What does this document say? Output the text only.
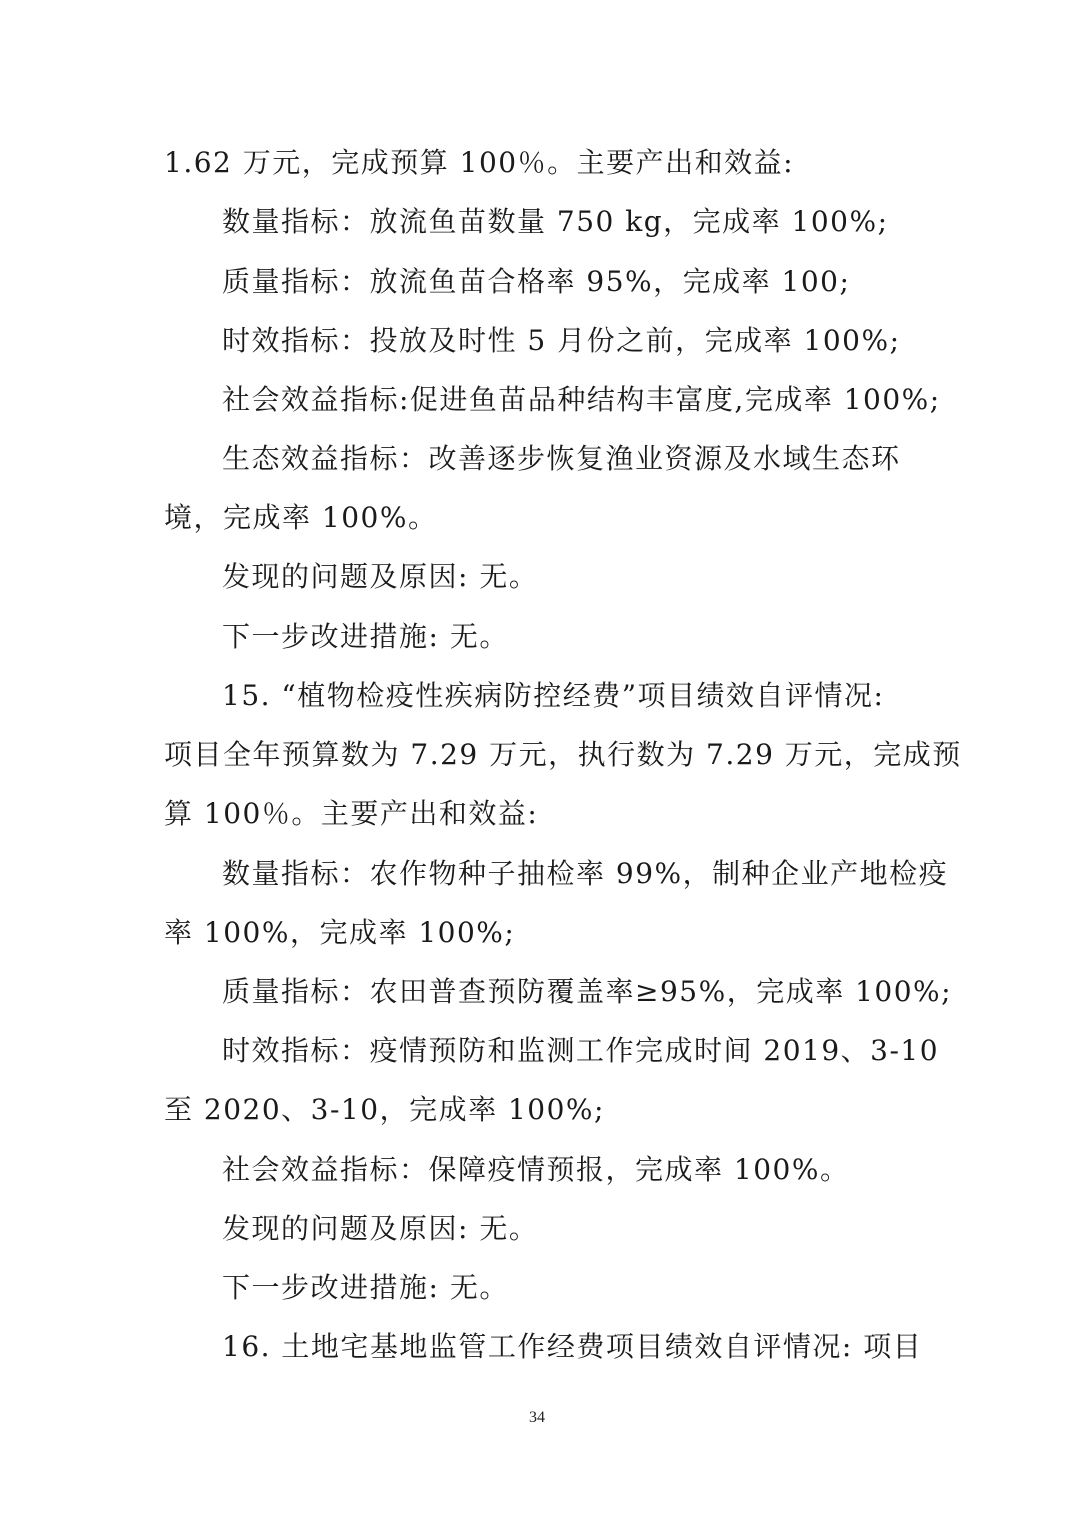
1.62 万元，完成预算 100％。主要产出和效益:
数量指标：放流鱼苗数量 750 kg，完成率 100%;
质量指标：放流鱼苗合格率 95%，完成率 100;
时效指标：投放及时性 5 月份之前，完成率 100%;
社会效益指标:促进鱼苗品种结构丰富度,完成率 100%;
生态效益指标：改善逐步恢复渔业资源及水域生态环
境，完成率 100%。
发现的问题及原因: 无。
下一步改进措施: 无。
15. “植物检疫性疾病防控经费”项目绩效自评情况:
项目全年预算数为 7.29 万元，执行数为 7.29 万元，完成预
算 100％。主要产出和效益:
数量指标：农作物种子抽检率 99%，制种企业产地检疫
率 100%，完成率 100%;
质量指标：农田普查预防覆盖率≥95%，完成率 100%;
时效指标：疫情预防和监测工作完成时间 2019、3-10
至 2020、3-10，完成率 100%;
社会效益指标：保障疫情预报，完成率 100%。
发现的问题及原因: 无。
下一步改进措施: 无。
16. 土地宅基地监管工作经费项目绩效自评情况: 项目
34
